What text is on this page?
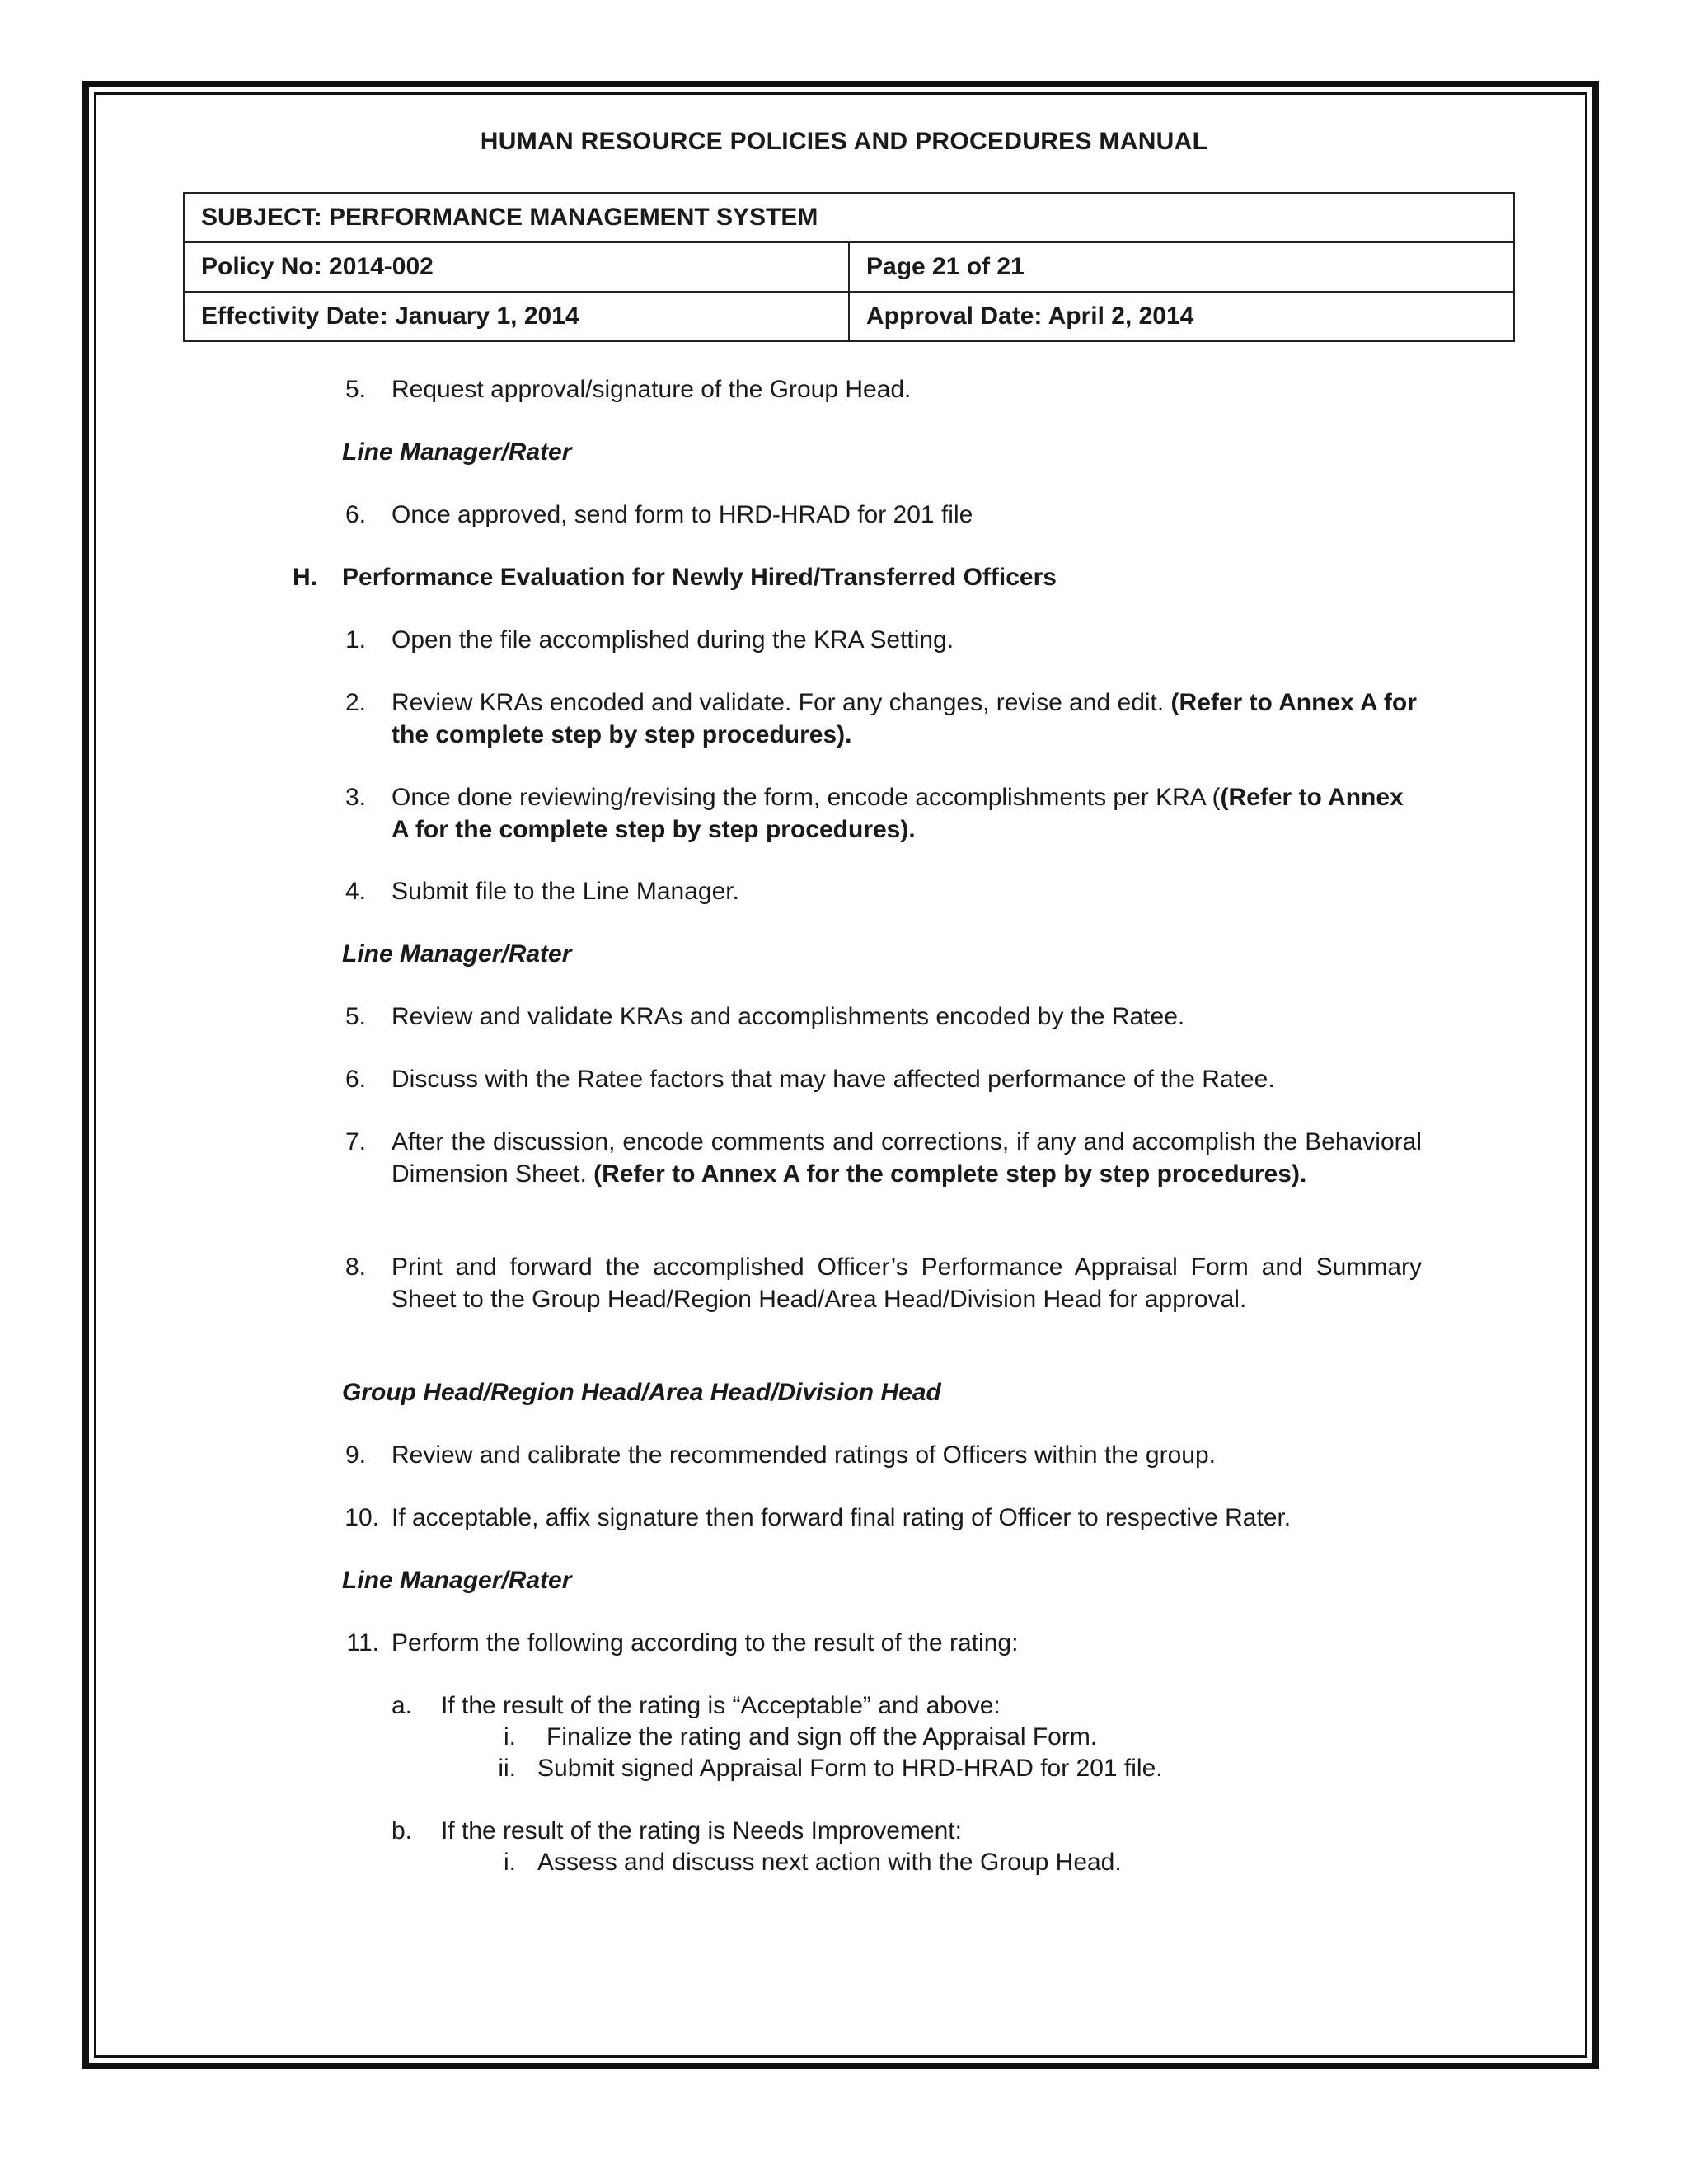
HUMAN RESOURCE POLICIES AND PROCEDURES MANUAL
SUBJECT: PERFORMANCE MANAGEMENT SYSTEM	
Policy No: 2014-002	Page 21 of 21
Effectivity Date: January 1, 2014	Approval Date: April 2, 2014
5. Request approval/signature of the Group Head.
Line Manager/Rater
6. Once approved, send form to HRD-HRAD for 201 file
H. Performance Evaluation for Newly Hired/Transferred Officers
1. Open the file accomplished during the KRA Setting.
2. Review KRAs encoded and validate. For any changes, revise and edit. (Refer to Annex A for the complete step by step procedures).
3. Once done reviewing/revising the form, encode accomplishments per KRA ((Refer to Annex A for the complete step by step procedures).
4. Submit file to the Line Manager.
Line Manager/Rater
5. Review and validate KRAs and accomplishments encoded by the Ratee.
6. Discuss with the Ratee factors that may have affected performance of the Ratee.
7. After the discussion, encode comments and corrections, if any and accomplish the Behavioral Dimension Sheet. (Refer to Annex A for the complete step by step procedures).
8. Print and forward the accomplished Officer’s Performance Appraisal Form and Summary Sheet to the Group Head/Region Head/Area Head/Division Head for approval.
Group Head/Region Head/Area Head/Division Head
9. Review and calibrate the recommended ratings of Officers within the group.
10. If acceptable, affix signature then forward final rating of Officer to respective Rater.
Line Manager/Rater
11. Perform the following according to the result of the rating:
a. If the result of the rating is “Acceptable” and above:
i. Finalize the rating and sign off the Appraisal Form.
ii. Submit signed Appraisal Form to HRD-HRAD for 201 file.
b. If the result of the rating is Needs Improvement:
i. Assess and discuss next action with the Group Head.
